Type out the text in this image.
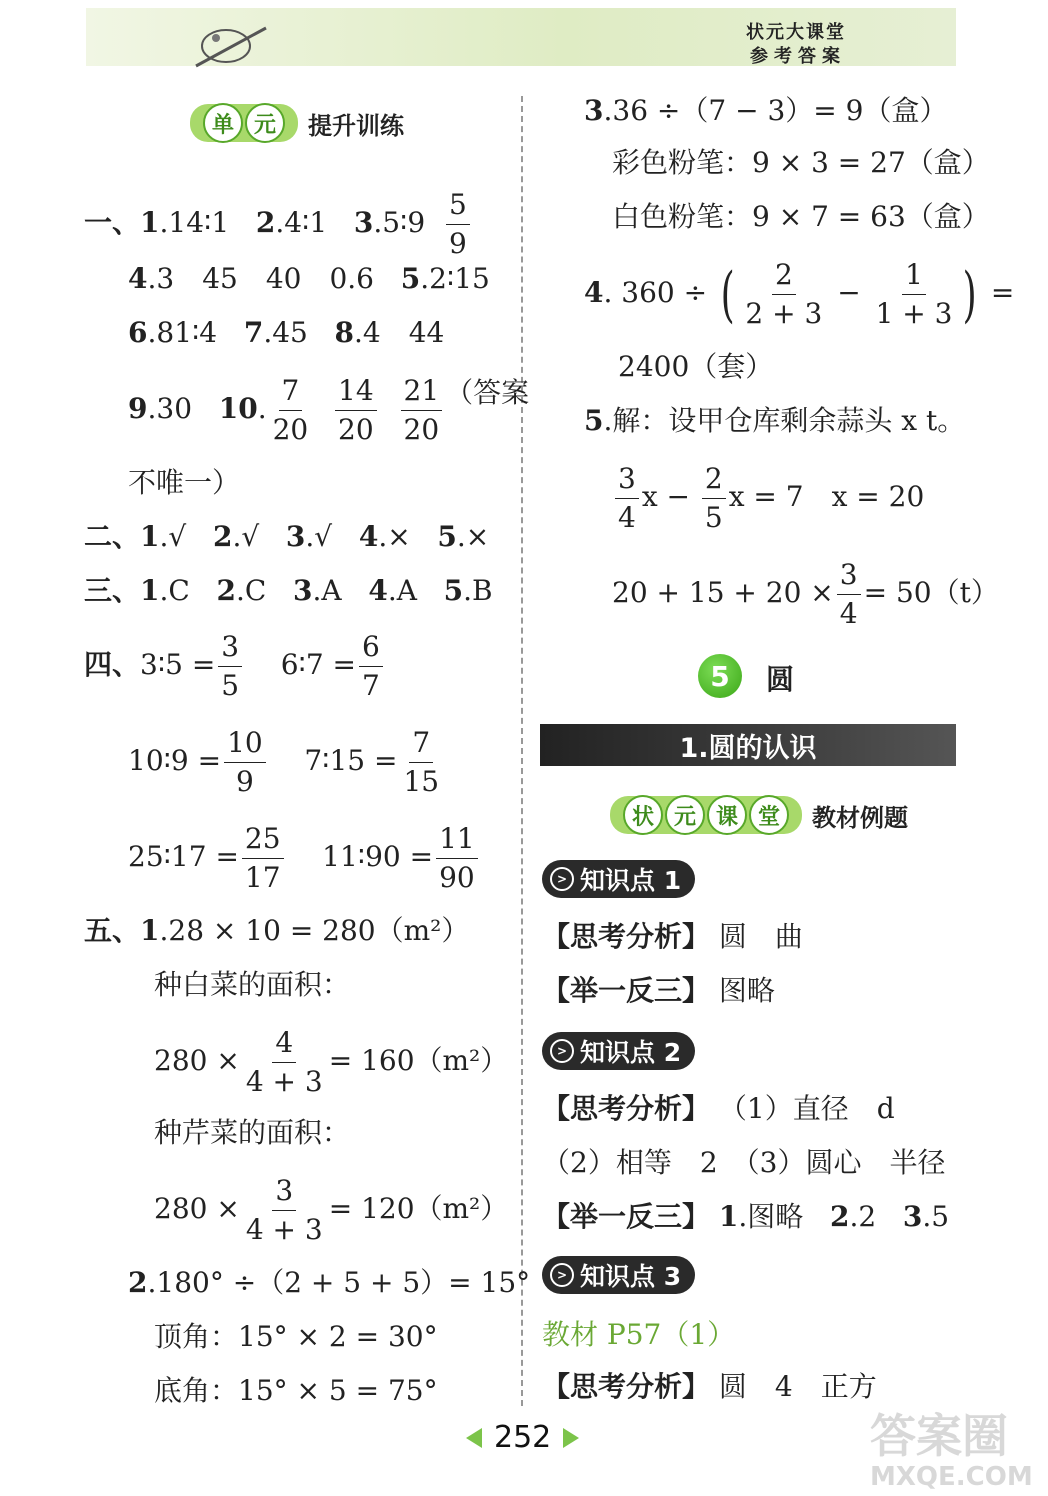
状元大课堂
参考答案
单 元	提升训练
一、1.14∶1 2.4∶1 3.5∶9 $\frac{5}{9}$
4.3　45　40　0.6 5.2∶15
6.81∶4 7.45 8.4　44
9.30 10. $\frac{7}{20}$
$\frac{14}{20}$
$\frac{21}{20}$ （答案
不唯一）
二、1.√ 2.√ 3.√ 4.× 5.×
三、1.C 2.C 3.A 4.A 5.B
四、3∶5 = $\frac{3}{5}$ 6∶7 = $\frac{6}{7}$
10∶9 = $\frac{10}{9}$ 7∶15 = $\frac{7}{15}$
25∶17 = $\frac{25}{17}$ 11∶90 = $\frac{11}{90}$
五、1.28 × 10 = 280（m²）
种白菜的面积：
$280 \times \frac{4}{4 + 3} = 160(m^2)$
种芹菜的面积：
$280 \times \frac{3}{4 + 3} = 120(m^2)$
2.180° ÷（2 + 5 + 5）= 15°
顶角：15° × 2 = 30°
底角：15° × 5 = 75°
3.36 ÷（7 − 3）= 9（盒）
彩色粉笔：9 × 3 = 27（盒）
白色粉笔：9 × 7 = 63（盒）
4. 360 ÷ ( $\frac{2}{2 + 3} - \frac{1}{1 + 3}$ ) =
2400（套）
5.解：设甲仓库剩余蒜头 x t。
$\frac{3}{4}$ $x - \frac{2}{5}$ x = 7　x = 20
$20 + 15 + 20 \times \frac{3}{4} = 50(t)$
5	圆
1.圆的认识
状 元 课 堂	教材例题
> 知识点 1
【思考分析】 圆　曲
【举一反三】 图略
> 知识点 2
【思考分析】 （1）直径　d
（2）相等　2　（3）圆心　半径
【举一反三】 1.图略 2.2 3.5
> 知识点 3
教材 P57（1）
【思考分析】 圆　4　正方
252	答案圈
MXQE.COM
